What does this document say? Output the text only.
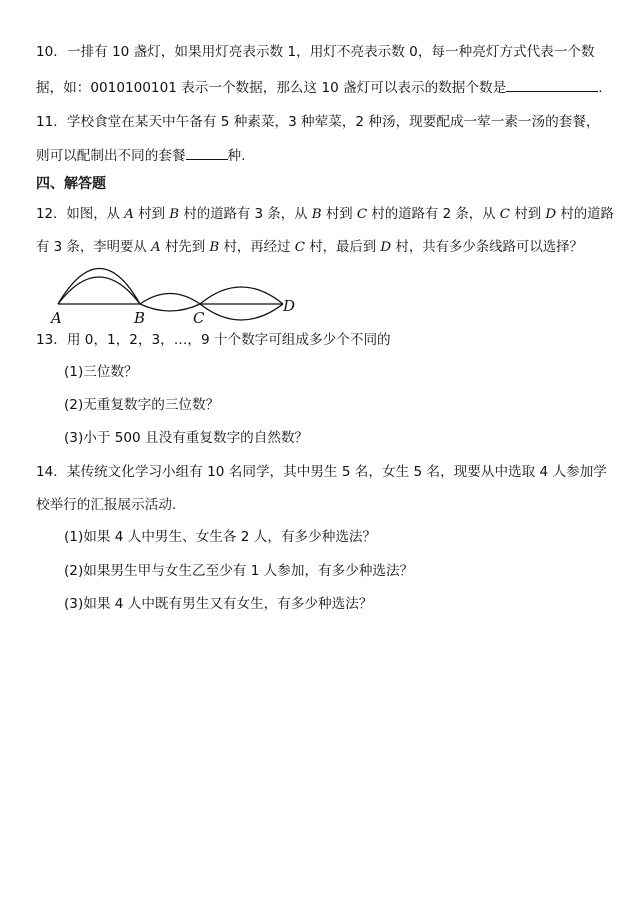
10．一排有 10 盏灯，如果用灯亮表示数 1，用灯不亮表示数 0，每一种亮灯方式代表一个数
据，如：0010100101 表示一个数据，那么这 10 盏灯可以表示的数据个数是	.
11．学校食堂在某天中午备有 5 种素菜，3 种荤菜，2 种汤，现要配成一荤一素一汤的套餐，
则可以配制出不同的套餐	种.
四、解答题
12．如图，从 A 村到 B 村的道路有 3 条，从 B 村到 C 村的道路有 2 条，从 C 村到 D 村的道路
有 3 条，李明要从 A 村先到 B 村，再经过 C 村，最后到 D 村，共有多少条线路可以选择？
A	B	C
D
13．用 0，1，2，3，…，9 十个数字可组成多少个不同的
(1)三位数？
(2)无重复数字的三位数？
(3)小于 500 且没有重复数字的自然数？
14．某传统文化学习小组有 10 名同学，其中男生 5 名，女生 5 名，现要从中选取 4 人参加学
校举行的汇报展示活动.
(1)如果 4 人中男生、女生各 2 人，有多少种选法？
(2)如果男生甲与女生乙至少有 1 人参加，有多少种选法？
(3)如果 4 人中既有男生又有女生，有多少种选法？
